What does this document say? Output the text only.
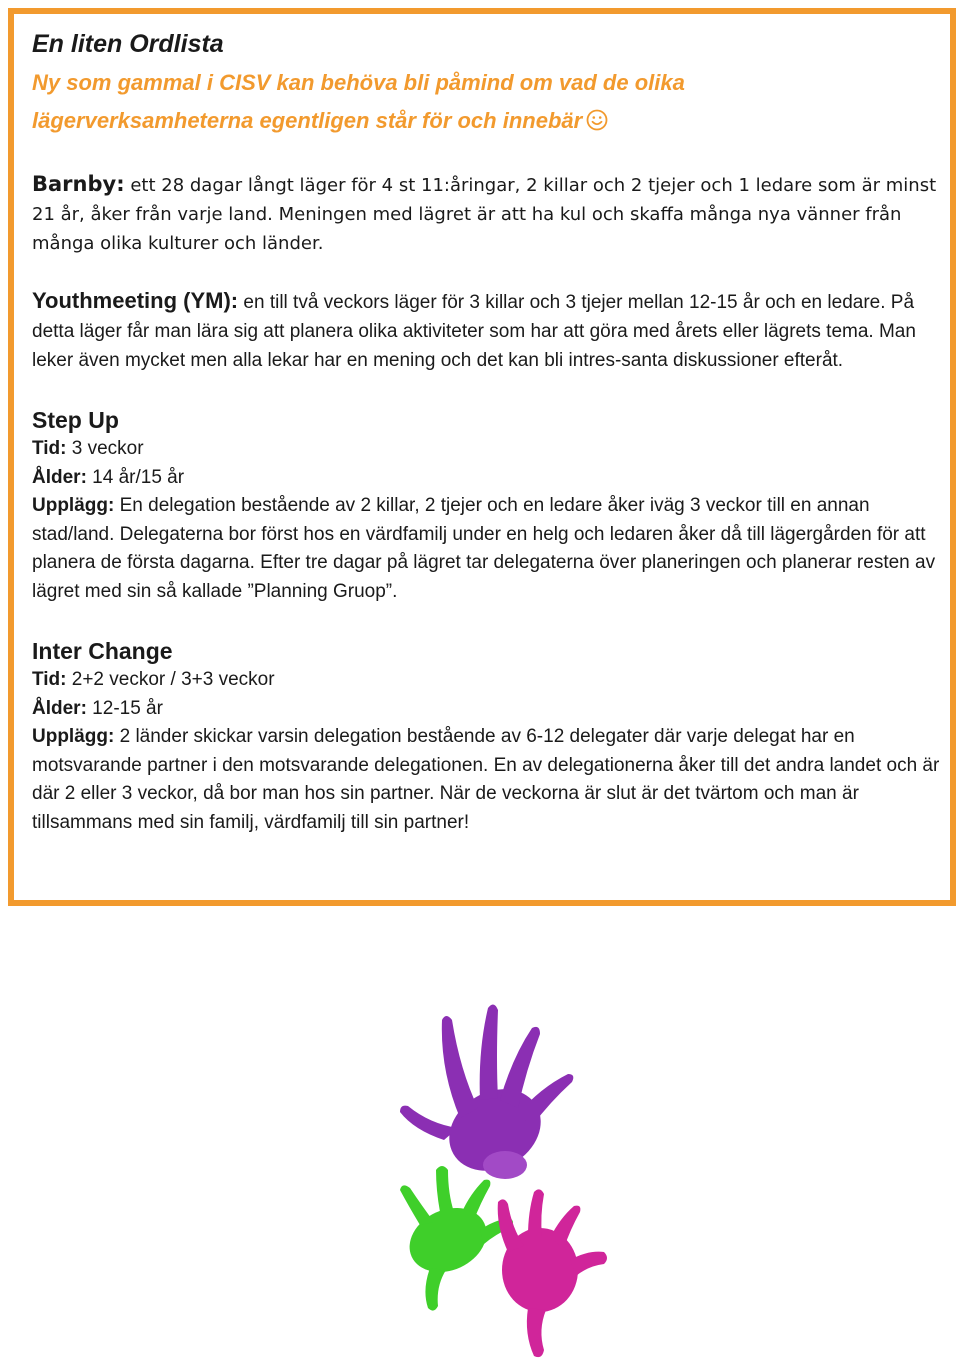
En liten Ordlista

Ny som gammal i CISV kan behöva bli påmind om vad de olika
lägerverksamheterna egentligen står för och innebär

Barnby: ett 28 dagar långt läger för 4 st 11:åringar, 2 killar och 2 tjejer och 1 ledare som är minst 21 år, åker från varje land. Meningen med lägret är att ha kul och skaffa många nya vänner från många olika kulturer och länder.

Youthmeeting (YM): en till två veckors läger för 3 killar och 3 tjejer mellan 12-15 år och en ledare. På detta läger får man lära sig att planera olika aktiviteter som har att göra med årets eller lägrets tema. Man leker även mycket men alla lekar har en mening och det kan bli intres-santa diskussioner efteråt.

Step Up

Tid: 3 veckor

Ålder: 14 år/15 år

Upplägg: En delegation bestående av 2 killar, 2 tjejer och en ledare åker iväg 3 veckor till en annan stad/land. Delegaterna bor först hos en värdfamilj under en helg och ledaren åker då till lägergården för att planera de första dagarna. Efter tre dagar på lägret tar delegaterna över planeringen och planerar resten av lägret med sin så kallade ”Planning Gruop”.

Inter Change

Tid: 2+2 veckor / 3+3 veckor

Ålder: 12-15 år

Upplägg: 2 länder skickar varsin delegation bestående av 6-12 delegater där varje delegat har en motsvarande partner i den motsvarande delegationen. En av delegationerna åker till det andra landet och är där 2 eller 3 veckor, då bor man hos sin partner. När de veckorna är slut är det tvärtom och man är tillsammans med sin familj, värdfamilj till sin partner!
